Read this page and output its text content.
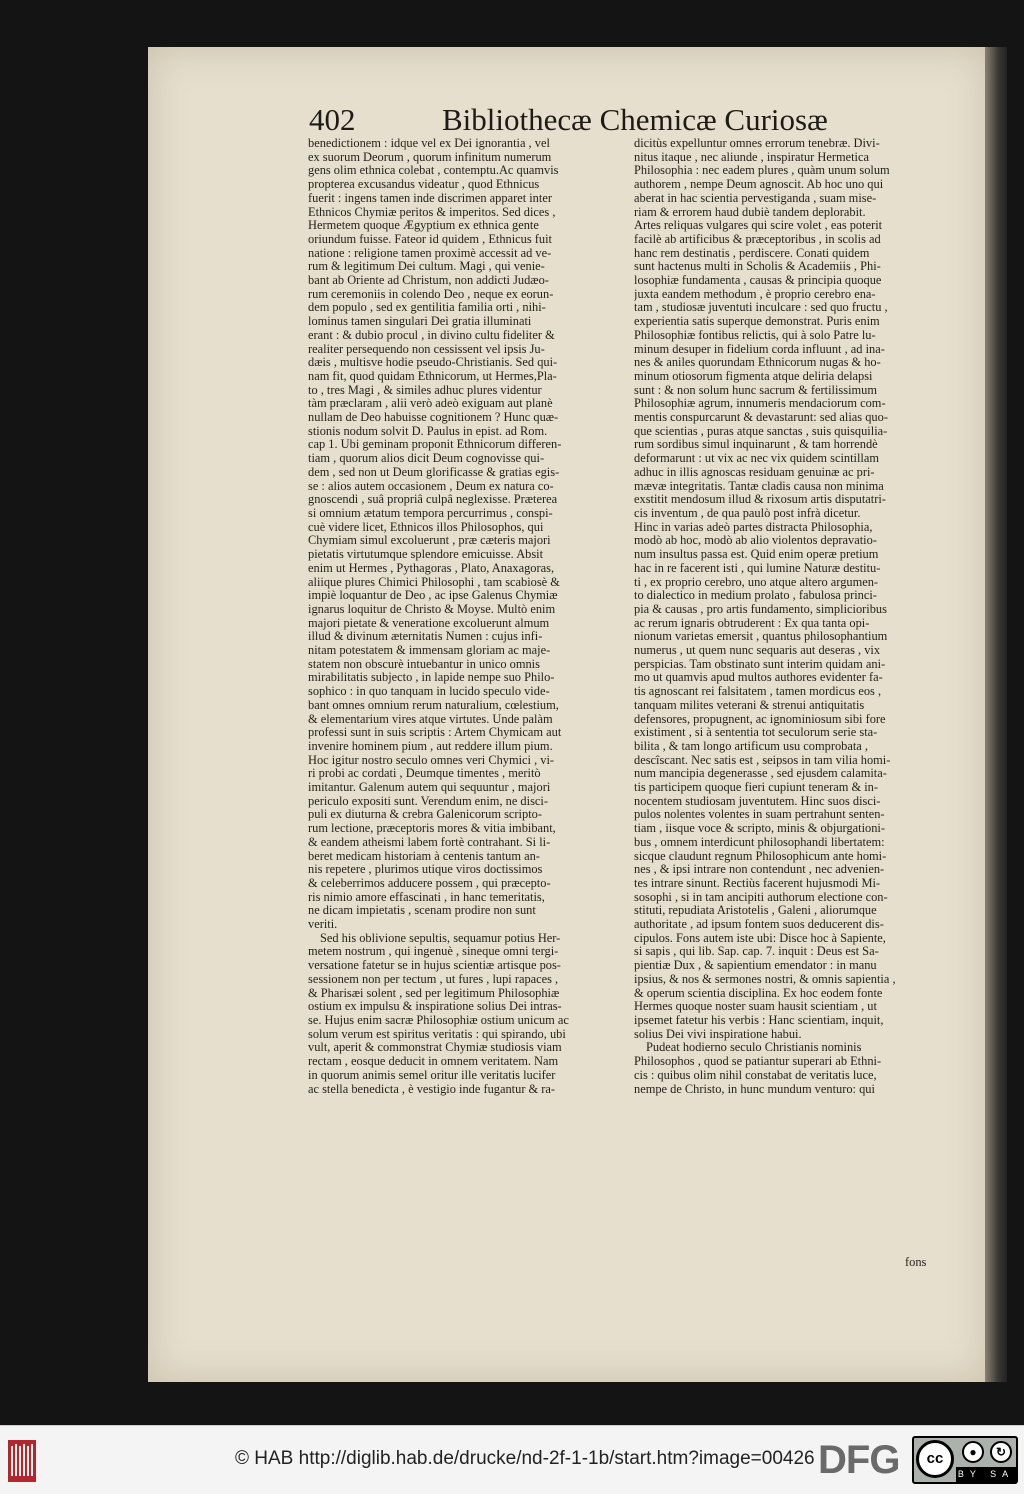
402	Bibliothecæ Chemicæ Curiosæ

benedictionem : idque vel ex Dei ignorantia , vel

ex suorum Deorum , quorum infinitum numerum

gens olim ethnica colebat , contemptu.Ac quamvis

propterea excusandus videatur , quod Ethnicus

fuerit : ingens tamen inde discrimen apparet inter

Ethnicos Chymiæ peritos & imperitos. Sed dices ,

Hermetem quoque Ægyptium ex ethnica gente

oriundum fuisse. Fateor id quidem , Ethnicus fuit

natione : religione tamen proximè accessit ad ve-

rum & legitimum Dei cultum. Magi , qui venie-

bant ab Oriente ad Christum, non addicti Judæo-

rum ceremoniis in colendo Deo , neque ex eorun-

dem populo , sed ex gentilitia familia orti , nihi-

lominus tamen singulari Dei gratia illuminati

erant : & dubio procul , in divino cultu fideliter &

realiter persequendo non cessissent vel ipsis Ju-

dæis , multisve hodie pseudo-Christianis. Sed qui-

nam fit, quod quidam Ethnicorum, ut Hermes,Pla-

to , tres Magi , & similes adhuc plures videntur

tàm præclaram , alii verò adeò exiguam aut planè

nullam de Deo habuisse cognitionem ? Hunc quæ-

stionis nodum solvit D. Paulus in epist. ad Rom.

cap 1. Ubi geminam proponit Ethnicorum differen-

tiam , quorum alios dicit Deum cognovisse qui-

dem , sed non ut Deum glorificasse & gratias egis-

se : alios autem occasionem , Deum ex natura co-

gnoscendi , suâ propriâ culpâ neglexisse. Præterea

si omnium ætatum tempora percurrimus , conspi-

cuè videre licet, Ethnicos illos Philosophos, qui

Chymiam simul excoluerunt , præ cæteris majori

pietatis virtutumque splendore emicuisse. Absit

enim ut Hermes , Pythagoras , Plato, Anaxagoras,

aliique plures Chimici Philosophi , tam scabiosè &

impiè loquantur de Deo , ac ipse Galenus Chymiæ

ignarus loquitur de Christo & Moyse. Multò enim

majori pietate & veneratione excoluerunt almum

illud & divinum æternitatis Numen : cujus infi-

nitam potestatem & immensam gloriam ac maje-

statem non obscurè intuebantur in unico omnis

mirabilitatis subjecto , in lapide nempe suo Philo-

sophico : in quo tanquam in lucido speculo vide-

bant omnes omnium rerum naturalium, cœlestium,

& elementarium vires atque virtutes. Unde palàm

professi sunt in suis scriptis : Artem Chymicam aut

invenire hominem pium , aut reddere illum pium.

Hoc igitur nostro seculo omnes veri Chymici , vi-

ri probi ac cordati , Deumque timentes , meritò

imitantur. Galenum autem qui sequuntur , majori

periculo expositi sunt. Verendum enim, ne disci-

puli ex diuturna & crebra Galenicorum scripto-

rum lectione, præceptoris mores & vitia imbibant,

& eandem atheismi labem fortè contrahant. Si li-

beret medicam historiam à centenis tantum an-

nis repetere , plurimos utique viros doctissimos

& celeberrimos adducere possem , qui præcepto-

ris nimio amore effascinati , in hanc temeritatis,

ne dicam impietatis , scenam prodire non sunt

veriti.

Sed his oblivione sepultis, sequamur potius Her-

metem nostrum , qui ingenuè , sineque omni tergi-

versatione fatetur se in hujus scientiæ artisque pos-

sessionem non per tectum , ut fures , lupi rapaces ,

& Pharisæi solent , sed per legitimum Philosophiæ

ostium ex impulsu & inspiratione solius Dei intras-

se. Hujus enim sacræ Philosophiæ ostium unicum ac

solum verum est spiritus veritatis : qui spirando, ubi

vult, aperit & commonstrat Chymiæ studiosis viam

rectam , eosque deducit in omnem veritatem. Nam

in quorum animis semel oritur ille veritatis lucifer

ac stella benedicta , è vestigio inde fugantur & ra-

dicitùs expelluntur omnes errorum tenebræ. Divi-

nitus itaque , nec aliunde , inspiratur Hermetica

Philosophia : nec eadem plures , quàm unum solum

authorem , nempe Deum agnoscit. Ab hoc uno qui

aberat in hac scientia pervestiganda , suam mise-

riam & errorem haud dubiè tandem deplorabit.

Artes reliquas vulgares qui scire volet , eas poterit

facilè ab artificibus & præceptoribus , in scolis ad

hanc rem destinatis , perdiscere. Conati quidem

sunt hactenus multi in Scholis & Academiis , Phi-

losophiæ fundamenta , causas & principia quoque

juxta eandem methodum , è proprio cerebro ena-

tam , studiosæ juventuti inculcare : sed quo fructu ,

experientia satis superque demonstrat. Puris enim

Philosophiæ fontibus relictis, qui à solo Patre lu-

minum desuper in fidelium corda influunt , ad ina-

nes & aniles quorundam Ethnicorum nugas & ho-

minum otiosorum figmenta atque deliria delapsi

sunt : & non solum hunc sacrum & fertilissimum

Philosophiæ agrum, innumeris mendaciorum com-

mentis conspurcarunt & devastarunt: sed alias quo-

que scientias , puras atque sanctas , suis quisquilia-

rum sordibus simul inquinarunt , & tam horrendè

deformarunt : ut vix ac nec vix quidem scintillam

adhuc in illis agnoscas residuam genuinæ ac pri-

mævæ integritatis. Tantæ cladis causa non minima

exstitit mendosum illud & rixosum artis disputatri-

cis inventum , de qua paulò post infrà dicetur.

Hinc in varias adeò partes distracta Philosophia,

modò ab hoc, modò ab alio violentos depravatio-

num insultus passa est. Quid enim operæ pretium

hac in re facerent isti , qui lumine Naturæ destitu-

ti , ex proprio cerebro, uno atque altero argumen-

to dialectico in medium prolato , fabulosa princi-

pia & causas , pro artis fundamento, simplicioribus

ac rerum ignaris obtruderent : Ex qua tanta opi-

nionum varietas emersit , quantus philosophantium

numerus , ut quem nunc sequaris aut deseras , vix

perspicias. Tam obstinato sunt interim quidam ani-

mo ut quamvis apud multos authores evidenter fa-

tis agnoscant rei falsitatem , tamen mordicus eos ,

tanquam milites veterani & strenui antiquitatis

defensores, propugnent, ac ignominiosum sibi fore

existiment , si à sententia tot seculorum serie sta-

bilita , & tam longo artificum usu comprobata ,

descîscant. Nec satis est , seipsos in tam vilia homi-

num mancipia degenerasse , sed ejusdem calamita-

tis participem quoque fieri cupiunt teneram & in-

nocentem studiosam juventutem. Hinc suos disci-

pulos nolentes volentes in suam pertrahunt senten-

tiam , iisque voce & scripto, minis & objurgationi-

bus , omnem interdicunt philosophandi libertatem:

sicque claudunt regnum Philosophicum ante homi-

nes , & ipsi intrare non contendunt , nec advenien-

tes intrare sinunt. Rectiùs facerent hujusmodi Mi-

sosophi , si in tam ancipiti authorum electione con-

stituti, repudiata Aristotelis , Galeni , aliorumque

authoritate , ad ipsum fontem suos deducerent dis-

cipulos. Fons autem iste ubi: Disce hoc à Sapiente,

si sapis , qui lib. Sap. cap. 7. inquit : Deus est Sa-

pientiæ Dux , & sapientium emendator : in manu

ipsius, & nos & sermones nostri, & omnis sapientia ,

& operum scientia disciplina. Ex hoc eodem fonte

Hermes quoque noster suam hausit scientiam , ut

ipsemet fatetur his verbis : Hanc scientiam, inquit,

solius Dei vivi inspiratione habui.

Pudeat hodierno seculo Christianis nominis

Philosophos , quod se patiantur superari ab Ethni-

cis : quibus olim nihil constabat de veritatis luce,

nempe de Christo, in hunc mundum venturo: qui

fons
© HAB http://diglib.hab.de/drucke/nd-2f-1-1b/start.htm?image=00426 DFG	cc	●	↻
BY SA
